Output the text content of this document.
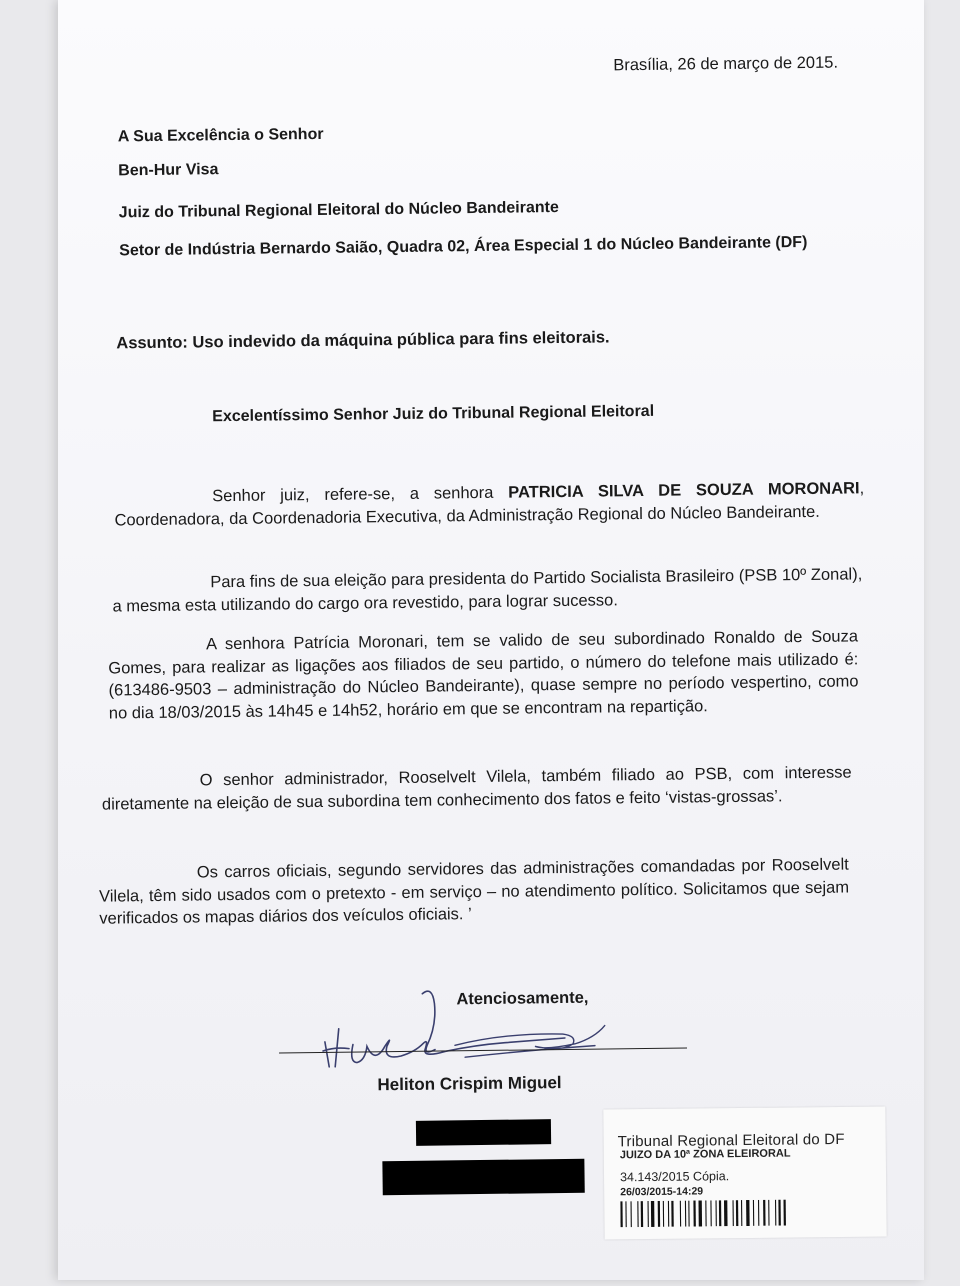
Brasília, 26 de março de 2015.
A Sua Excelência o Senhor
Ben-Hur Visa
Juiz do Tribunal Regional Eleitoral do Núcleo Bandeirante
Setor de Indústria Bernardo Saião, Quadra 02, Área Especial 1 do Núcleo Bandeirante (DF)
Assunto: Uso indevido da máquina pública para fins eleitorais.
Excelentíssimo Senhor Juiz do Tribunal Regional Eleitoral
Senhor juiz, refere-se, a senhora PATRICIA SILVA DE SOUZA MORONARI, Coordenadora, da Coordenadoria Executiva, da Administração Regional do Núcleo Bandeirante.
Para fins de sua eleição para presidenta do Partido Socialista Brasileiro (PSB 10º Zonal), a mesma esta utilizando do cargo ora revestido, para lograr sucesso.
A senhora Patrícia Moronari, tem se valido de seu subordinado Ronaldo de Souza Gomes, para realizar as ligações aos filiados de seu partido, o número do telefone mais utilizado é: (613486-9503 – administração do Núcleo Bandeirante), quase sempre no período vespertino, como no dia 18/03/2015 às 14h45 e 14h52, horário em que se encontram na repartição.
O senhor administrador, Rooselvelt Vilela, também filiado ao PSB, com interesse diretamente na eleição de sua subordina tem conhecimento dos fatos e feito ‘vistas-grossas’.
Os carros oficiais, segundo servidores das administrações comandadas por Rooselvelt Vilela, têm sido usados com o pretexto - em serviço – no atendimento político. Solicitamos que sejam verificados os mapas diários dos veículos oficiais. ’
Atenciosamente,
Heliton Crispim Miguel
Tribunal Regional Eleitoral do DF
JUIZO DA 10ª ZONA ELEIRORAL
34.143/2015 Cópia.
26/03/2015-14:29
